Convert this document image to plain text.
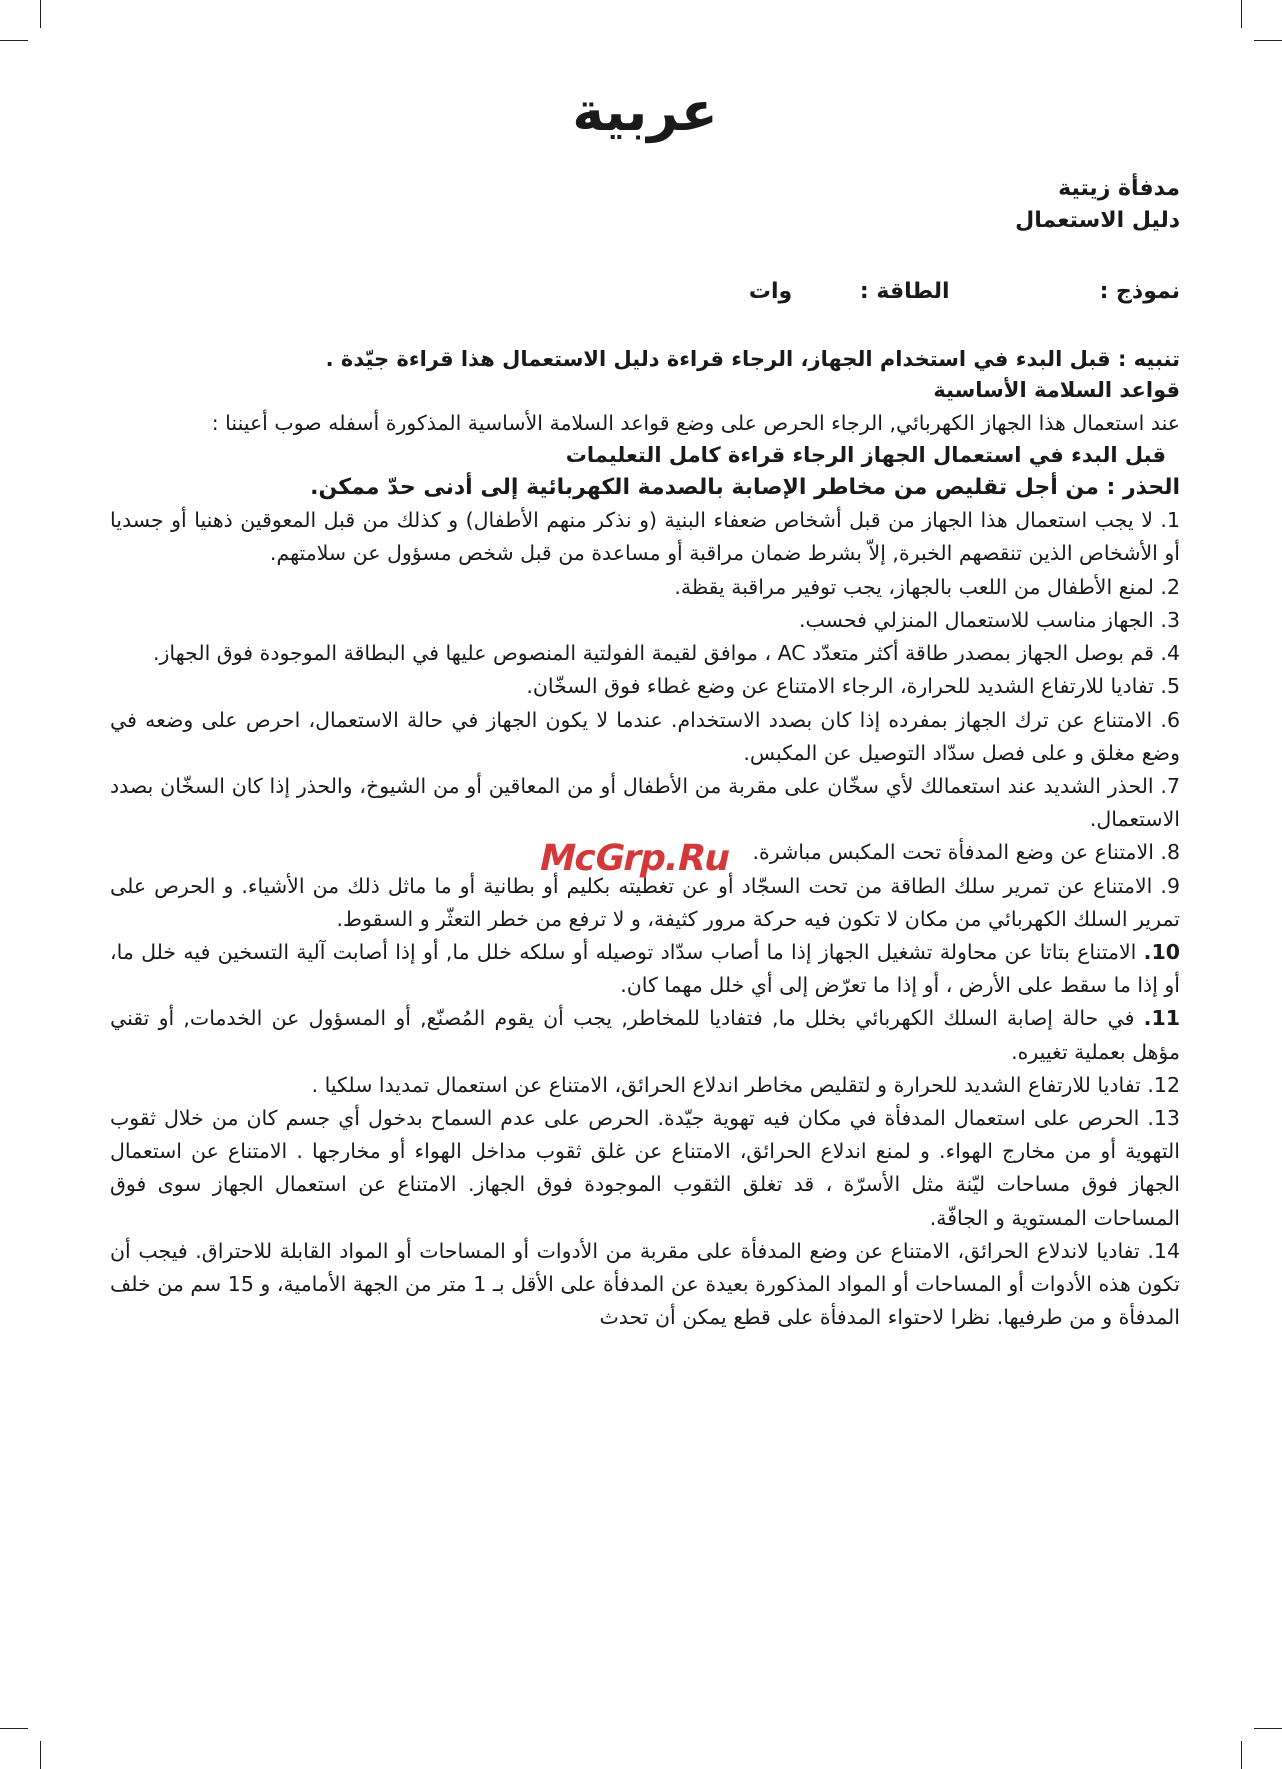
عربية

مدفأة زيتية

دليل الاستعمال

نموذج :
الطاقة : وات

تنبيه : قبل البدء في استخدام الجهاز، الرجاء قراءة دليل الاستعمال هذا قراءة جيّدة .

قواعد السلامة الأساسية

عند استعمال هذا الجهاز الكهربائي, الرجاء الحرص على وضع قواعد السلامة الأساسية المذكورة أسفله صوب أعيننا :

قبل البدء في استعمال الجهاز الرجاء قراءة كامل التعليمات

الحذر : من أجل تقليص من مخاطر الإصابة بالصدمة الكهربائية إلى أدنى حدّ ممكن.

1. لا يجب استعمال هذا الجهاز من قبل أشخاص ضعفاء البنية (و نذكر منهم الأطفال) و كذلك من قبل المعوقين ذهنيا أو جسديا أو الأشخاص الذين تنقصهم الخبرة, إلاّ بشرط ضمان مراقبة أو مساعدة من قبل شخص مسؤول عن سلامتهم.

2. لمنع الأطفال من اللعب بالجهاز، يجب توفير مراقبة يقظة.

3. الجهاز مناسب للاستعمال المنزلي فحسب.

4. قم بوصل الجهاز بمصدر طاقة أكثر متعدّد AC ، موافق لقيمة الفولتية المنصوص عليها في البطاقة الموجودة فوق الجهاز.

5. تفاديا للارتفاع الشديد للحرارة، الرجاء الامتناع عن وضع غطاء فوق السخّان.

6. الامتناع عن ترك الجهاز بمفرده إذا كان بصدد الاستخدام. عندما لا يكون الجهاز في حالة الاستعمال، احرص على وضعه في وضع مغلق و على فصل سدّاد التوصيل عن المكبس.

7. الحذر الشديد عند استعمالك لأي سخّان على مقربة من الأطفال أو من المعاقين أو من الشيوخ، والحذر إذا كان السخّان بصدد الاستعمال.

8. الامتناع عن وضع المدفأة تحت المكبس مباشرة.

9. الامتناع عن تمرير سلك الطاقة من تحت السجّاد أو عن تغطيته بكليم أو بطانية أو ما ماثل ذلك من الأشياء. و الحرص على تمرير السلك الكهربائي من مكان لا تكون فيه حركة مرور كثيفة، و لا ترفع من خطر التعثّر و السقوط.

10. الامتناع بتاتا عن محاولة تشغيل الجهاز إذا ما أصاب سدّاد توصيله أو سلكه خلل ما, أو إذا أصابت آلية التسخين فيه خلل ما، أو إذا ما سقط على الأرض ، أو إذا ما تعرّض إلى أي خلل مهما كان.

11. في حالة إصابة السلك الكهربائي بخلل ما, فتفاديا للمخاطر, يجب أن يقوم المُصنّع, أو المسؤول عن الخدمات, أو تقني مؤهل بعملية تغييره.

12. تفاديا للارتفاع الشديد للحرارة و لتقليص مخاطر اندلاع الحرائق، الامتناع عن استعمال تمديدا سلكيا .

13. الحرص على استعمال المدفأة في مكان فيه تهوية جيّدة. الحرص على عدم السماح بدخول أي جسم كان من خلال ثقوب التهوية أو من مخارج الهواء. و لمنع اندلاع الحرائق، الامتناع عن غلق ثقوب مداخل الهواء أو مخارجها . الامتناع عن استعمال الجهاز فوق مساحات ليّنة مثل الأسرّة ، قد تغلق الثقوب الموجودة فوق الجهاز. الامتناع عن استعمال الجهاز سوى فوق المساحات المستوية و الجافّة.

14. تفاديا لاندلاع الحرائق، الامتناع عن وضع المدفأة على مقربة من الأدوات أو المساحات أو المواد القابلة للاحتراق. فيجب أن تكون هذه الأدوات أو المساحات أو المواد المذكورة بعيدة عن المدفأة على الأقل بـ 1 متر من الجهة الأمامية، و 15 سم من خلف المدفأة و من طرفيها. نظرا لاحتواء المدفأة على قطع يمكن أن تحدث

McGrp.Ru
